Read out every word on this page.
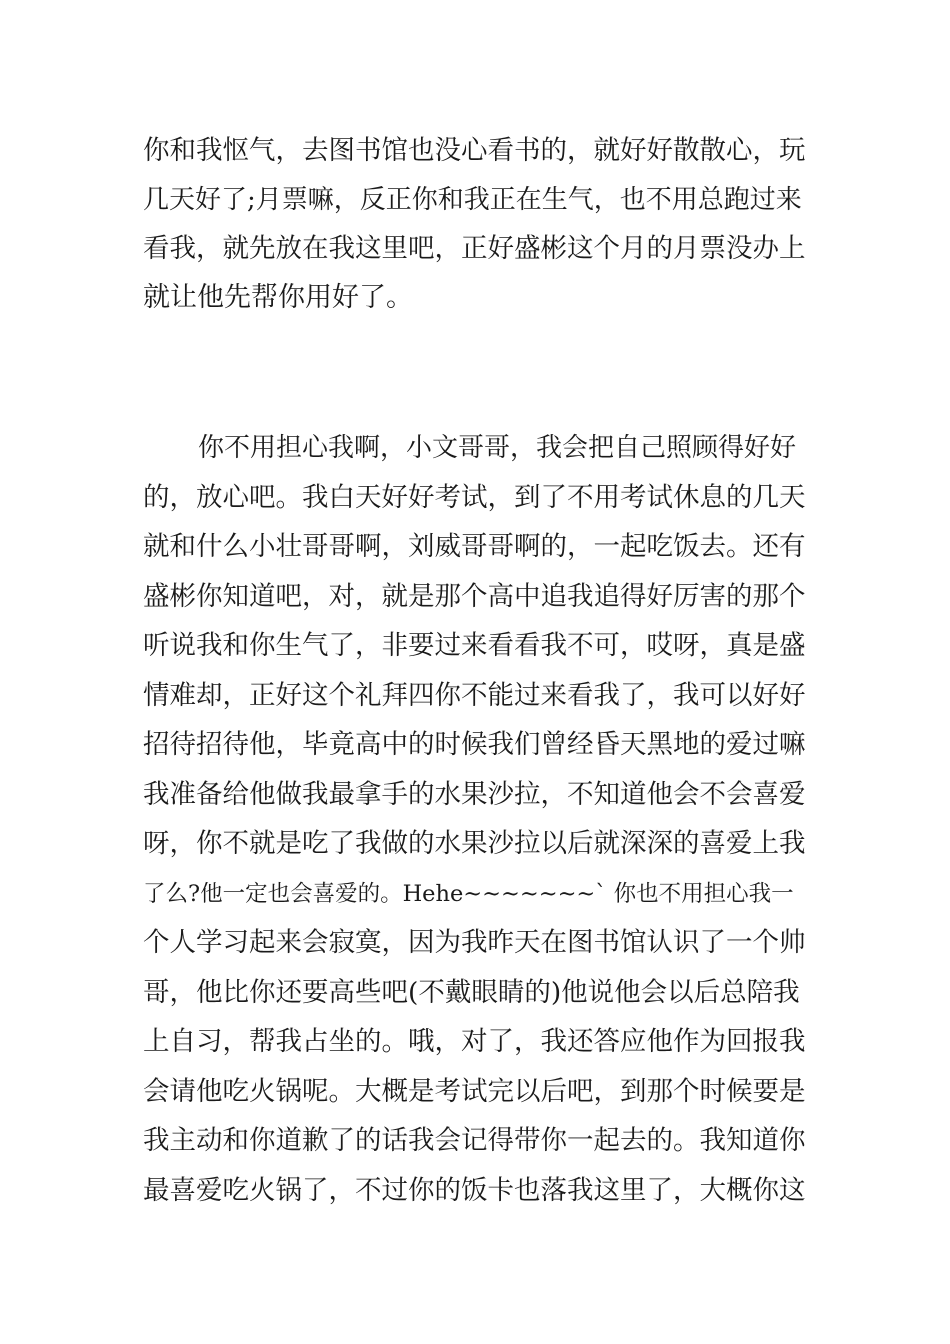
你和我怄气，去图书馆也没心看书的，就好好散散心，玩
几天好了;月票嘛，反正你和我正在生气，也不用总跑过来
看我，就先放在我这里吧，正好盛彬这个月的月票没办上
就让他先帮你用好了。
你不用担心我啊，小文哥哥，我会把自己照顾得好好
的，放心吧。我白天好好考试，到了不用考试休息的几天
就和什么小壮哥哥啊，刘威哥哥啊的，一起吃饭去。还有
盛彬你知道吧，对，就是那个高中追我追得好厉害的那个
听说我和你生气了，非要过来看看我不可，哎呀，真是盛
情难却，正好这个礼拜四你不能过来看我了，我可以好好
招待招待他，毕竟高中的时候我们曾经昏天黑地的爱过嘛
我准备给他做我最拿手的水果沙拉，不知道他会不会喜爱
呀，你不就是吃了我做的水果沙拉以后就深深的喜爱上我
了么?他一定也会喜爱的。Hehe~~~~~~~` 你也不用担心我一
个人学习起来会寂寞，因为我昨天在图书馆认识了一个帅
哥，他比你还要高些吧(不戴眼睛的)他说他会以后总陪我
上自习，帮我占坐的。哦，对了，我还答应他作为回报我
会请他吃火锅呢。大概是考试完以后吧，到那个时候要是
我主动和你道歉了的话我会记得带你一起去的。我知道你
最喜爱吃火锅了，不过你的饭卡也落我这里了，大概你这
